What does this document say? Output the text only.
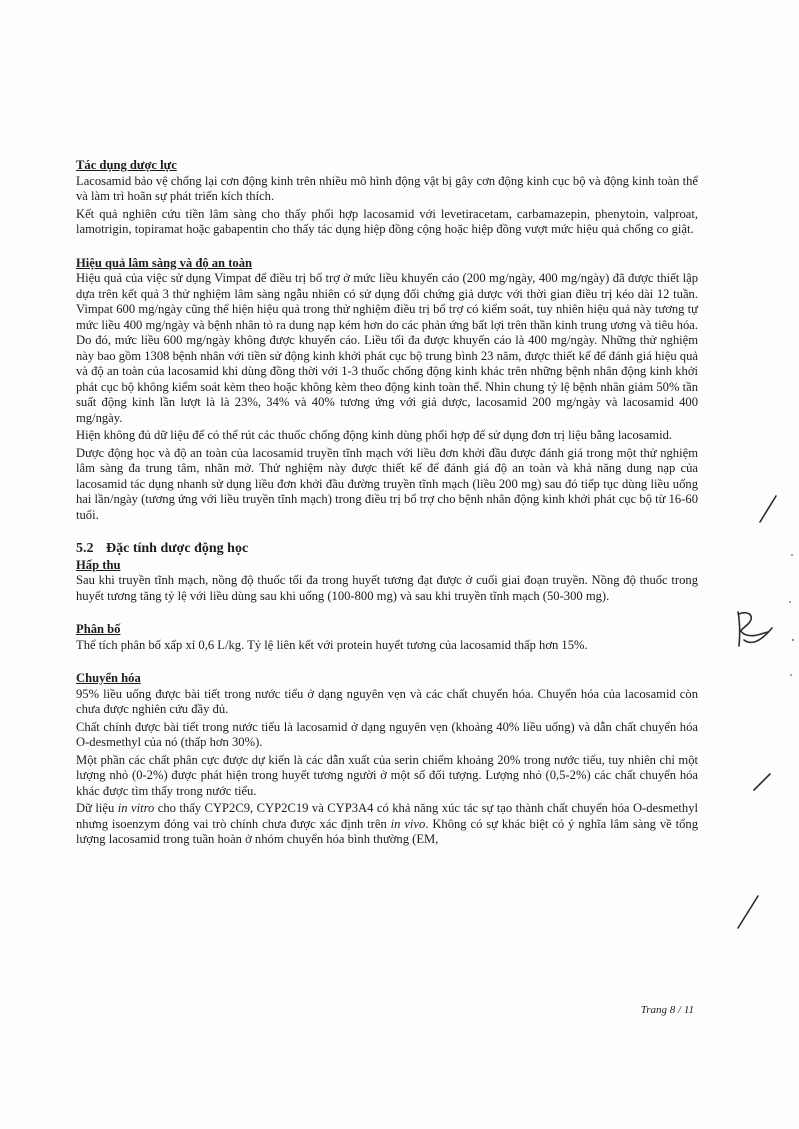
Tác dụng dược lực

Lacosamid bảo vệ chống lại cơn động kinh trên nhiều mô hình động vật bị gây cơn động kinh cục bộ và động kinh toàn thể và làm trì hoãn sự phát triển kích thích.

Kết quả nghiên cứu tiền lâm sàng cho thấy phối hợp lacosamid với levetiracetam, carbamazepin, phenytoin, valproat, lamotrigin, topiramat hoặc gabapentin cho thấy tác dụng hiệp đồng cộng hoặc hiệp đồng vượt mức hiệu quả chống co giật.

Hiệu quả lâm sàng và độ an toàn

Hiệu quả của việc sử dụng Vimpat để điều trị bổ trợ ở mức liều khuyến cáo (200 mg/ngày, 400 mg/ngày) đã được thiết lập dựa trên kết quả 3 thử nghiệm lâm sàng ngẫu nhiên có sử dụng đối chứng giả dược với thời gian điều trị kéo dài 12 tuần. Vimpat 600 mg/ngày cũng thể hiện hiệu quả trong thử nghiệm điều trị bổ trợ có kiểm soát, tuy nhiên hiệu quả này tương tự mức liều 400 mg/ngày và bệnh nhân tỏ ra dung nạp kém hơn do các phản ứng bất lợi trên thần kinh trung ương và tiêu hóa. Do đó, mức liều 600 mg/ngày không được khuyến cáo. Liều tối đa được khuyến cáo là 400 mg/ngày. Những thử nghiệm này bao gồm 1308 bệnh nhân với tiền sử động kinh khởi phát cục bộ trung bình 23 năm, được thiết kế để đánh giá hiệu quả và độ an toàn của lacosamid khi dùng đồng thời với 1-3 thuốc chống động kinh khác trên những bệnh nhân động kinh khởi phát cục bộ không kiểm soát kèm theo hoặc không kèm theo động kinh toàn thể. Nhìn chung tỷ lệ bệnh nhân giảm 50% tần suất động kinh lần lượt là là 23%, 34% và 40% tương ứng với giả dược, lacosamid 200 mg/ngày và lacosamid 400 mg/ngày.

Hiện không đủ dữ liệu để có thể rút các thuốc chống động kinh dùng phối hợp để sử dụng đơn trị liệu bằng lacosamid.

Dược động học và độ an toàn của lacosamid truyền tĩnh mạch với liều đơn khởi đầu được đánh giá trong một thử nghiệm lâm sàng đa trung tâm, nhãn mở. Thử nghiệm này được thiết kế để đánh giá độ an toàn và khả năng dung nạp của lacosamid tác dụng nhanh sử dụng liều đơn khởi đầu đường truyền tĩnh mạch (liều 200 mg) sau đó tiếp tục dùng liều uống hai lần/ngày (tương ứng với liều truyền tĩnh mạch) trong điều trị bổ trợ cho bệnh nhân động kinh khởi phát cục bộ từ 16-60 tuổi.

5.2 Đặc tính dược động học

Hấp thu

Sau khi truyền tĩnh mạch, nồng độ thuốc tối đa trong huyết tương đạt được ở cuối giai đoạn truyền. Nồng độ thuốc trong huyết tương tăng tỷ lệ với liều dùng sau khi uống (100-800 mg) và sau khi truyền tĩnh mạch (50-300 mg).

Phân bố

Thể tích phân bố xấp xỉ 0,6 L/kg. Tỷ lệ liên kết với protein huyết tương của lacosamid thấp hơn 15%.

Chuyển hóa

95% liều uống được bài tiết trong nước tiểu ở dạng nguyên vẹn và các chất chuyển hóa. Chuyển hóa của lacosamid còn chưa được nghiên cứu đầy đủ.

Chất chính được bài tiết trong nước tiểu là lacosamid ở dạng nguyên vẹn (khoảng 40% liều uống) và dẫn chất chuyển hóa O-desmethyl của nó (thấp hơn 30%).

Một phần các chất phân cực được dự kiến là các dẫn xuất của serin chiếm khoảng 20% trong nước tiểu, tuy nhiên chỉ một lượng nhỏ (0-2%) được phát hiện trong huyết tương người ở một số đối tượng. Lượng nhỏ (0,5-2%) các chất chuyển hóa khác được tìm thấy trong nước tiểu.

Dữ liệu in vitro cho thấy CYP2C9, CYP2C19 và CYP3A4 có khả năng xúc tác sự tạo thành chất chuyển hóa O-desmethyl nhưng isoenzym đóng vai trò chính chưa được xác định trên in vivo. Không có sự khác biệt có ý nghĩa lâm sàng về tổng lượng lacosamid trong tuần hoàn ở nhóm chuyển hóa bình thường (EM,

Trang 8 / 11
